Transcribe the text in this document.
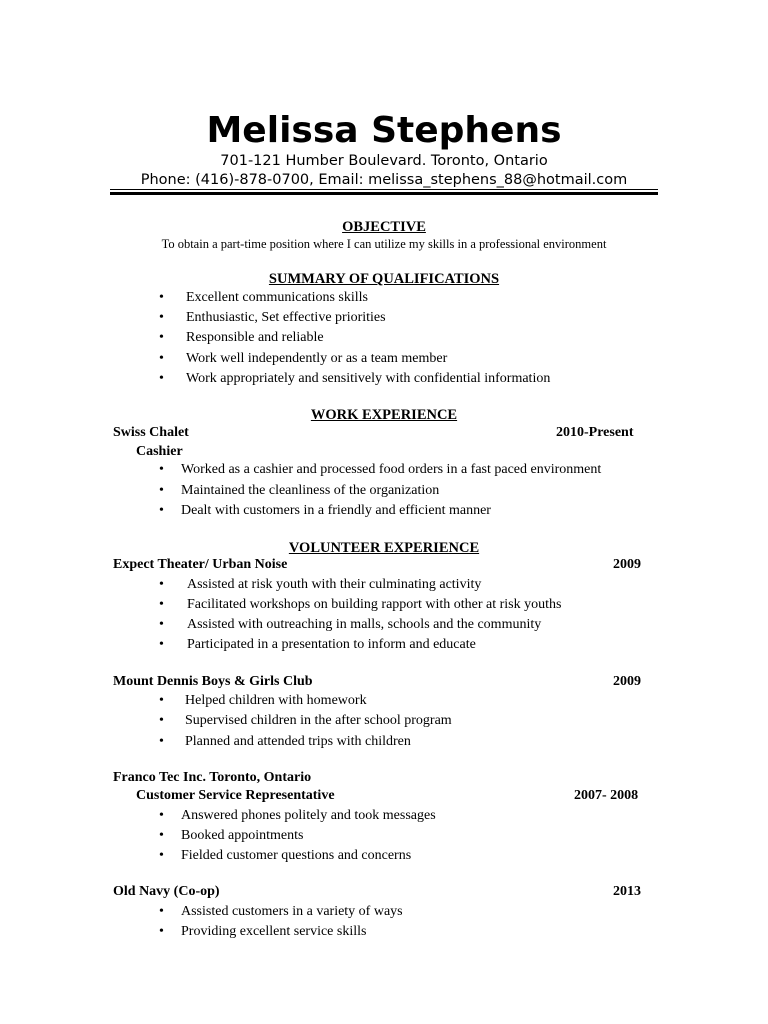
Melissa Stephens
701-121 Humber Boulevard. Toronto, Ontario
Phone: (416)-878-0700, Email: melissa_stephens_88@hotmail.com
OBJECTIVE
To obtain a part-time position where I can utilize my skills in a professional environment
SUMMARY OF QUALIFICATIONS
• Excellent communications skills
• Enthusiastic, Set effective priorities
• Responsible and reliable
• Work well independently or as a team member
• Work appropriately and sensitively with confidential information
WORK EXPERIENCE
Swiss Chalet	2010-Present
Cashier
• Worked as a cashier and processed food orders in a fast paced environment
• Maintained the cleanliness of the organization
• Dealt with customers in a friendly and efficient manner
VOLUNTEER EXPERIENCE
Expect Theater/ Urban Noise	2009
• Assisted at risk youth with their culminating activity
• Facilitated workshops on building rapport with other at risk youths
• Assisted with outreaching in malls, schools and the community
• Participated in a presentation to inform and educate
Mount Dennis Boys & Girls Club	2009
• Helped children with homework
• Supervised children in the after school program
• Planned and attended trips with children
Franco Tec Inc. Toronto, Ontario
Customer Service Representative	2007- 2008
• Answered phones politely and took messages
• Booked appointments
• Fielded customer questions and concerns
Old Navy (Co-op)	2013
• Assisted customers in a variety of ways
• Providing excellent service skills
